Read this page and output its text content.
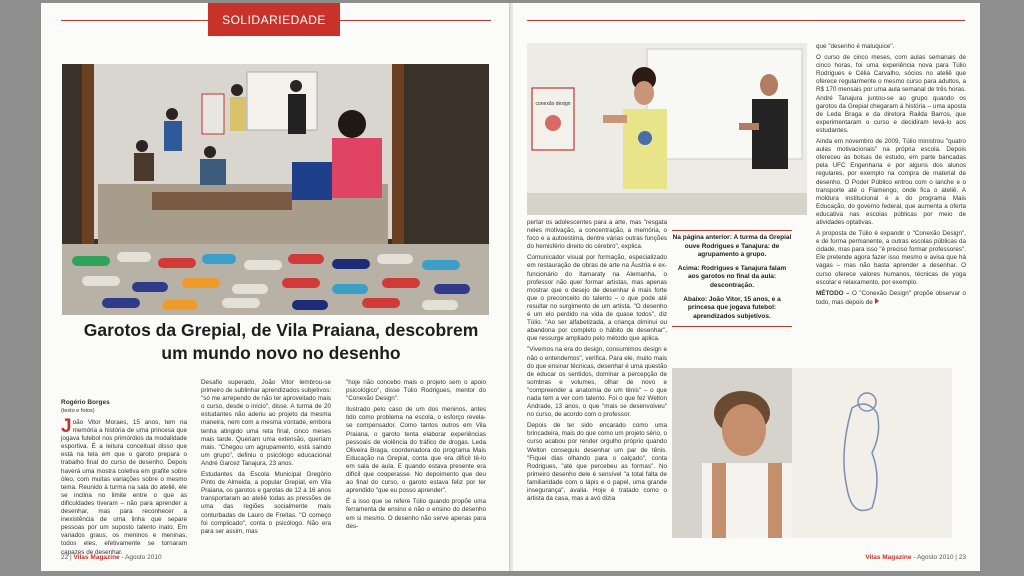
SOLIDARIEDADE
Garotos da Grepial, de Vila Praiana, descobrem um mundo novo no desenho
Rogério Borges
(texto e fotos)

João Vitor Moraes, 15 anos, tem na memória a história de uma princesa que jogava futebol nos primórdios da modalidade esportiva. É a leitura conceitual disso que está na tela em que o garoto prepara o trabalho final do curso de desenho. Depois haverá uma mostra coletiva em grafite sobre óleo, com muitas variações sobre o mesmo tema. Reunido à turma na sala do ateliê, ele se inclina no limite entre o que as dificuldades tiveram – não para aprender a desenhar, mas para reconhecer a inexistência de uma linha que separe pessoas por um suposto talento inato. Em variados graus, os meninos e meninas, todos eles, efetivamente se tornaram capazes de desenhar.

Desafio superado, João Vitor lembrou-se primeiro de sublinhar aprendizados subjetivos: "só me arrependo de não ter aproveitado mais o curso, desde o início", disse. A turma de 20 estudantes não aderiu ao projeto da mesma maneira, nem com a mesma vontade, embora tenha atingido uma reta final, cinco meses mais tarde. Queriam uma extensão, queriam mais. "Chegou um agrupamento, está saindo um grupo", definiu o psicólogo educacional André Garcez Tanajura, 23 anos.

Estudantes da Escola Municipal Gregório Pinto de Almeida, a popular Grepial, em Vila Praiana, os garotos e garotas de 12 a 16 anos transportaram ao ateliê todas as pressões de uma das regiões socialmente mais conturbadas de Lauro de Freitas. "O começo foi complicado", conta o psicólogo. Não era para ser assim, mas

"hoje não concebo mais o projeto sem o apoio psicológico", disse Túlio Rodrigues, mentor do "Conexão Design".

Ilustrado pelo caso de um dos meninos, antes tido como problema na escola, o esforço revela-se compensador. Como tantos outros em Vila Praiana, o garoto tenta elaborar experiências pessoais de violência do tráfico de drogas. Leda Oliveira Braga, coordenadora do programa Mais Educação na Grepial, conta que era difícil tê-lo em sala de aula. E quando estava presente era difícil que cooperasse. No depoimento que deu ao final do curso, o garoto estava feliz por ter aprendido "que eu posso aprender".

É a isso que se refere Túlio quando propõe uma ferramenta de ensino e não o ensino do desenho em si mesmo. O desenho não serve apenas para des-

22 | Vilas Magazine - Agosto 2010
conexão design

Na página anterior: A turma da Grepial ouve Rodrigues e Tanajura: de agrupamento a grupo.

Acima: Rodrigues e Tanajura falam aos garotos no final da aula: descontração.

Abaixo: João Vitor, 15 anos, e a princesa que jogava futebol: aprendizados subjetivos.

pertar os adolescentes para a arte, mas "resgata neles motivação, a concentração, a memória, o foco e a autoestima, dentre várias outras funções do hemisfério direito do cérebro", explica.

Comunicador visual por formação, especializado em restauração de obras de arte na Áustria e ex-funcionário do Itamaraty na Alemanha, o professor não quer formar artistas, mas apenas mostrar que o desejo de desenhar é mais forte que o preconceito do talento – o que pode até resultar no surgimento de um artista. "O desenho é um elo perdido na vida de quase todos", diz Túlio. "Ao ser alfabetizada, a criança diminui ou abandona por completo o hábito de desenhar", que ressurge ampliado pelo método que aplica.

"Vivemos na era do design, consumimos design e não o entendemos", verifica. Para ele, muito mais do que ensinar técnicas, desenhar é uma questão de educar os sentidos, dominar a percepção de sombras e volumes, olhar de novo e "compreender a anatomia de um tênis" – o que nada tem a ver com talento. Foi o que fez Welton Andrade, 13 anos, o que "mais se desenvolveu" no curso, de acordo com o professor.

Depois de ter sido encarado como uma brincadeira, mais do que como um projeto sério, o curso acabou por render orgulho próprio quando Welton conseguiu desenhar um par de tênis. "Fiquei dias olhando para o calçado", conta Rodrigues, "até que percebeu as formas". No primeiro desenho dele é sensível "a total falta de familiaridade com o lápis e o papel, uma grande insegurança", avalia. Hoje é tratado como o artista da casa, mas a avó dizia

que "desenho é maluquice".

O curso de cinco meses, com aulas semanais de cinco horas, foi uma experiência nova para Túlio Rodrigues e Célia Carvalho, sócios no ateliê que oferece regularmente o mesmo curso para adultos, a R$ 170 mensais por uma aula semanal de três horas. André Tanajura juntou-se ao grupo quando os garotos da Grepial chegaram à história – uma aposta de Leda Braga e da diretora Railda Barros, que experimentaram o curso e decidiram levá-lo aos estudantes.

Ainda em novembro de 2009, Túlio ministrou "quatro aulas motivacionais" na própria escola. Depois ofereceu as bolsas de estudo, em parte bancadas pela UFC Engenharia e por alguns dos alunos regulares, por exemplo na compra de material de desenho. O Poder Público entrou com o lanche e o transporte até o Flamengo, onde fica o ateliê. A moldura institucional é a do programa Mais Educação, do governo federal, que aumenta a oferta educativa nas escolas públicas por meio de atividades optativas.

A proposta de Túlio é expandir o "Conexão Design", e de forma permanente, a outras escolas públicas da cidade, mas para isso "é preciso formar professores". Ele pretende agora fazer isso mesmo e avisa que há vagas – mas não basta aprender a desenhar. O curso oferece valores humanos, técnicas de yoga escolar e relaxamento, por exemplo.

MÉTODO – O "Conexão Design" propõe observar o todo, mas depois de

Vilas Magazine - Agosto 2010 | 23
